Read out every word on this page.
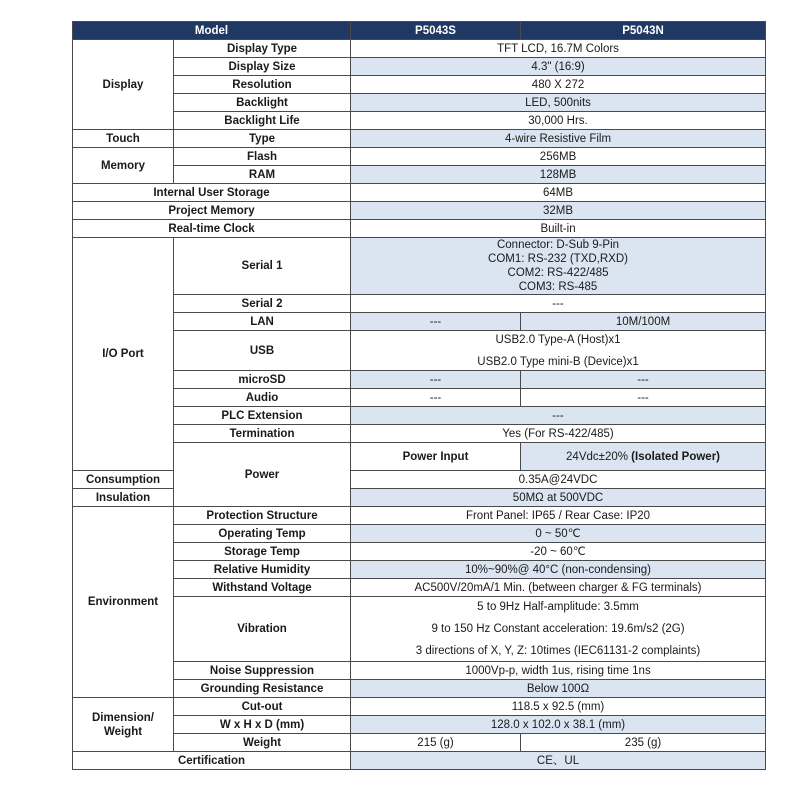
Model		P5043S	P5043N
Display	Display Type	TFT LCD, 16.7M Colors	
	Display Size	4.3" (16:9)	
	Resolution	480 X 272	
	Backlight	LED, 500nits	
	Backlight Life	30,000 Hrs.	
Touch	Type	4-wire Resistive Film	
Memory	Flash	256MB	
	RAM	128MB	
Internal User Storage		64MB	
Project Memory		32MB	
Real-time Clock		Built-in	
I/O Port	Serial 1	Connector: D-Sub 9-Pin
COM1: RS-232 (TXD,RXD)
COM2: RS-422/485
COM3: RS-485	

	Serial 2	---	
	LAN	---	10M/100M
	USB	USB2.0 Type-A (Host)x1
USB2.0 Type mini-B (Device)x1	

	microSD	---	---
	Audio	---	---
	PLC Extension	---	
	Termination	Yes (For RS-422/485)	
	Power	Power Input	24Vdc±20% (Isolated Power)
Consumption		0.35A@24VDC	
Insulation		50MΩ at 500VDC	
Environment	Protection Structure	Front Panel: IP65 / Rear Case: IP20	
	Operating Temp	0 ~ 50℃	
	Storage Temp	-20 ~ 60℃	
	Relative Humidity	10%~90%@ 40°C (non-condensing)	
	Withstand Voltage	AC500V/20mA/1 Min. (between charger & FG terminals)	
	Vibration	5 to 9Hz Half-amplitude: 3.5mm
9 to 150 Hz Constant acceleration: 19.6m/s2 (2G)
3 directions of X, Y, Z: 10times (IEC61131-2 complaints)	

	Noise Suppression	1000Vp-p, width 1us, rising time 1ns	
	Grounding Resistance	Below 100Ω	

Dimension/
Weight	Cut-out	118.5 x 92.5 (mm)	
	W x H x D (mm)	128.0 x 102.0 x 38.1 (mm)	
	Weight	215 (g)	235 (g)
Certification		CE、UL	
